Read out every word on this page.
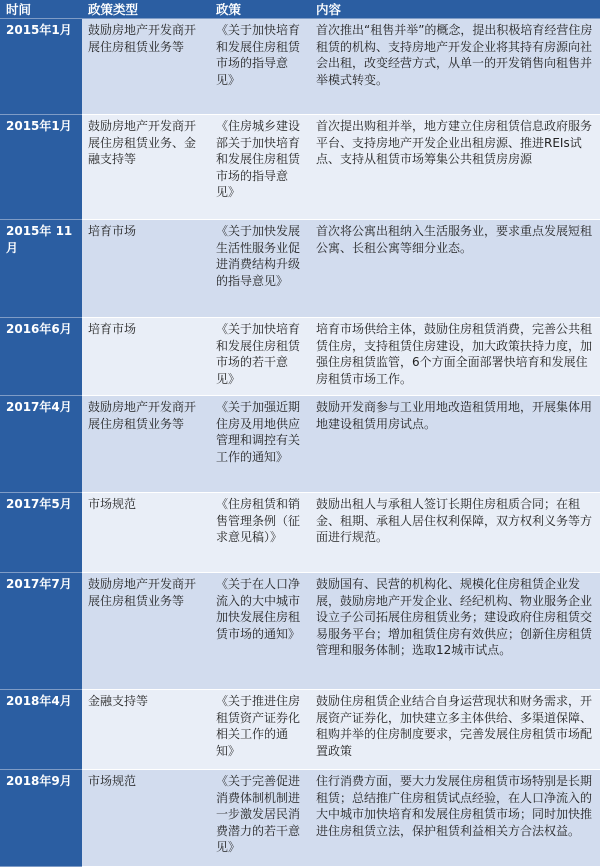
时间	政策类型	政策	内容
2015年1月	鼓励房地产开发商开展住房租赁业务等	《关于加快培育和发展住房租赁市场的指导意见》	首次推出“租售并举”的概念，提出积极培育经营住房租赁的机构、支持房地产开发企业将其持有房源向社会出租，改变经营方式，从单一的开发销售向租售并举模式转变。
2015年1月	鼓励房地产开发商开展住房租赁业务、金融支持等	《住房城乡建设部关于加快培育和发展住房租赁市场的指导意见》	首次提出购租并举，地方建立住房租赁信息政府服务平台、支持房地产开发企业出租房源、推进REIs试点、支持从租赁市场筹集公共租赁房房源
2015年 11月	培育市场	《关于加快发展生活性服务业促进消费结构升级的指导意见》	首次将公寓出租纳入生活服务业，要求重点发展短租公寓、长租公寓等细分业态。
2016年6月	培育市场	《关于加快培育和发展住房租赁市场的若干意见》	培育市场供给主体，鼓励住房租赁消费，完善公共租赁住房，支持租赁住房建设，加大政策扶持力度，加强住房租赁监管，6个方面全面部署快培育和发展住房租赁市场工作。
2017年4月	鼓励房地产开发商开展住房租赁业务等	《关于加强近期住房及用地供应管理和调控有关工作的通知》	鼓励开发商参与工业用地改造租赁用地，开展集体用地建设租赁用房试点。
2017年5月	市场规范	《住房租赁和销售管理条例（征求意见稿）》	鼓励出租人与承租人签订长期住房租质合同；在租金、租期、承租人居住权利保障，双方权利义务等方面进行规范。
2017年7月	鼓励房地产开发商开展住房租赁业务等	《关于在人口净流入的大中城市加快发展住房租赁市场的通知》	鼓励国有、民营的机构化、规模化住房租赁企业发展，鼓励房地产开发企业、经纪机构、物业服务企业设立子公司拓展住房租赁业务；建设政府住房租赁交易服务平台；增加租赁住房有效供应；创新住房租赁管理和服务体制；选取12城市试点。
2018年4月	金融支持等	《关于推进住房租赁资产证券化相关工作的通知》	鼓励住房租赁企业结合自身运营现状和财务需求，开展资产证券化，加快建立多主体供给、多渠道保障、租购并举的住房制度要求，完善发展住房租赁市场配置政策
2018年9月	市场规范	《关于完善促进消费体制机制进一步激发居民消费潜力的若干意见》	住行消费方面，要大力发展住房租赁市场特别是长期租赁；总结推广住房租赁试点经验，在人口净流入的大中城市加快培育和发展住房租赁市场；同时加快推进住房租赁立法，保护租赁利益相关方合法权益。
